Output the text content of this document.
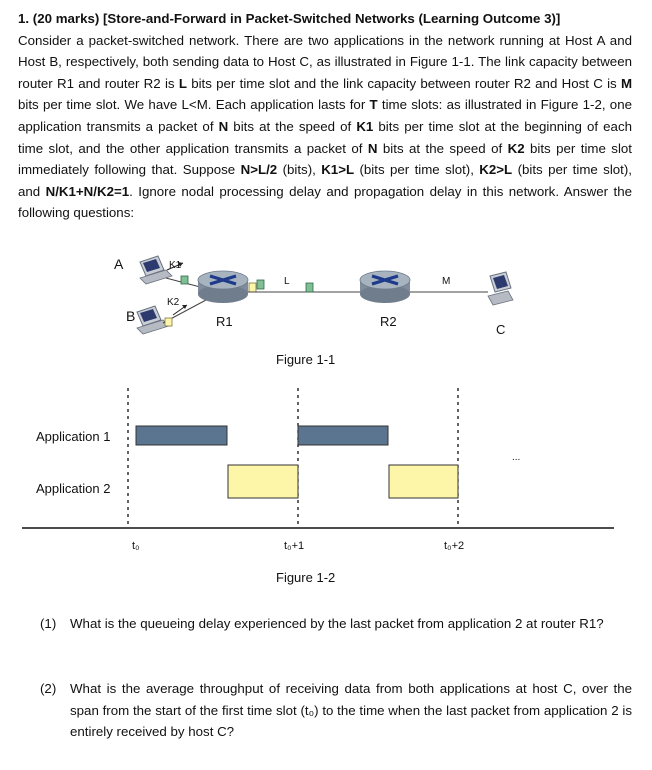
1. (20 marks) [Store-and-Forward in Packet-Switched Networks (Learning Outcome 3)]

Consider a packet-switched network. There are two applications in the network running at Host A and Host B, respectively, both sending data to Host C, as illustrated in Figure 1-1. The link capacity between router R1 and router R2 is L bits per time slot and the link capacity between router R2 and Host C is M bits per time slot. We have L<M. Each application lasts for T time slots: as illustrated in Figure 1-2, one application transmits a packet of N bits at the speed of K1 bits per time slot at the beginning of each time slot, and the other application transmits a packet of N bits at the speed of K2 bits per time slot immediately following that. Suppose N>L/2 (bits), K1>L (bits per time slot), K2>L (bits per time slot), and N/K1+N/K2=1. Ignore nodal processing delay and propagation delay in this network. Answer the following questions:

A
B
C
K1
K2
L	M
R1	R2
Figure 1-1
Application 1
Application 2
...
t₀	t₀+1	t₀+2
Figure 1-2
(1)	What is the queueing delay experienced by the last packet from application 2 at router R1?
(2)	What is the average throughput of receiving data from both applications at host C, over the span from the start of the first time slot (t₀) to the time when the last packet from application 2 is entirely received by host C?
